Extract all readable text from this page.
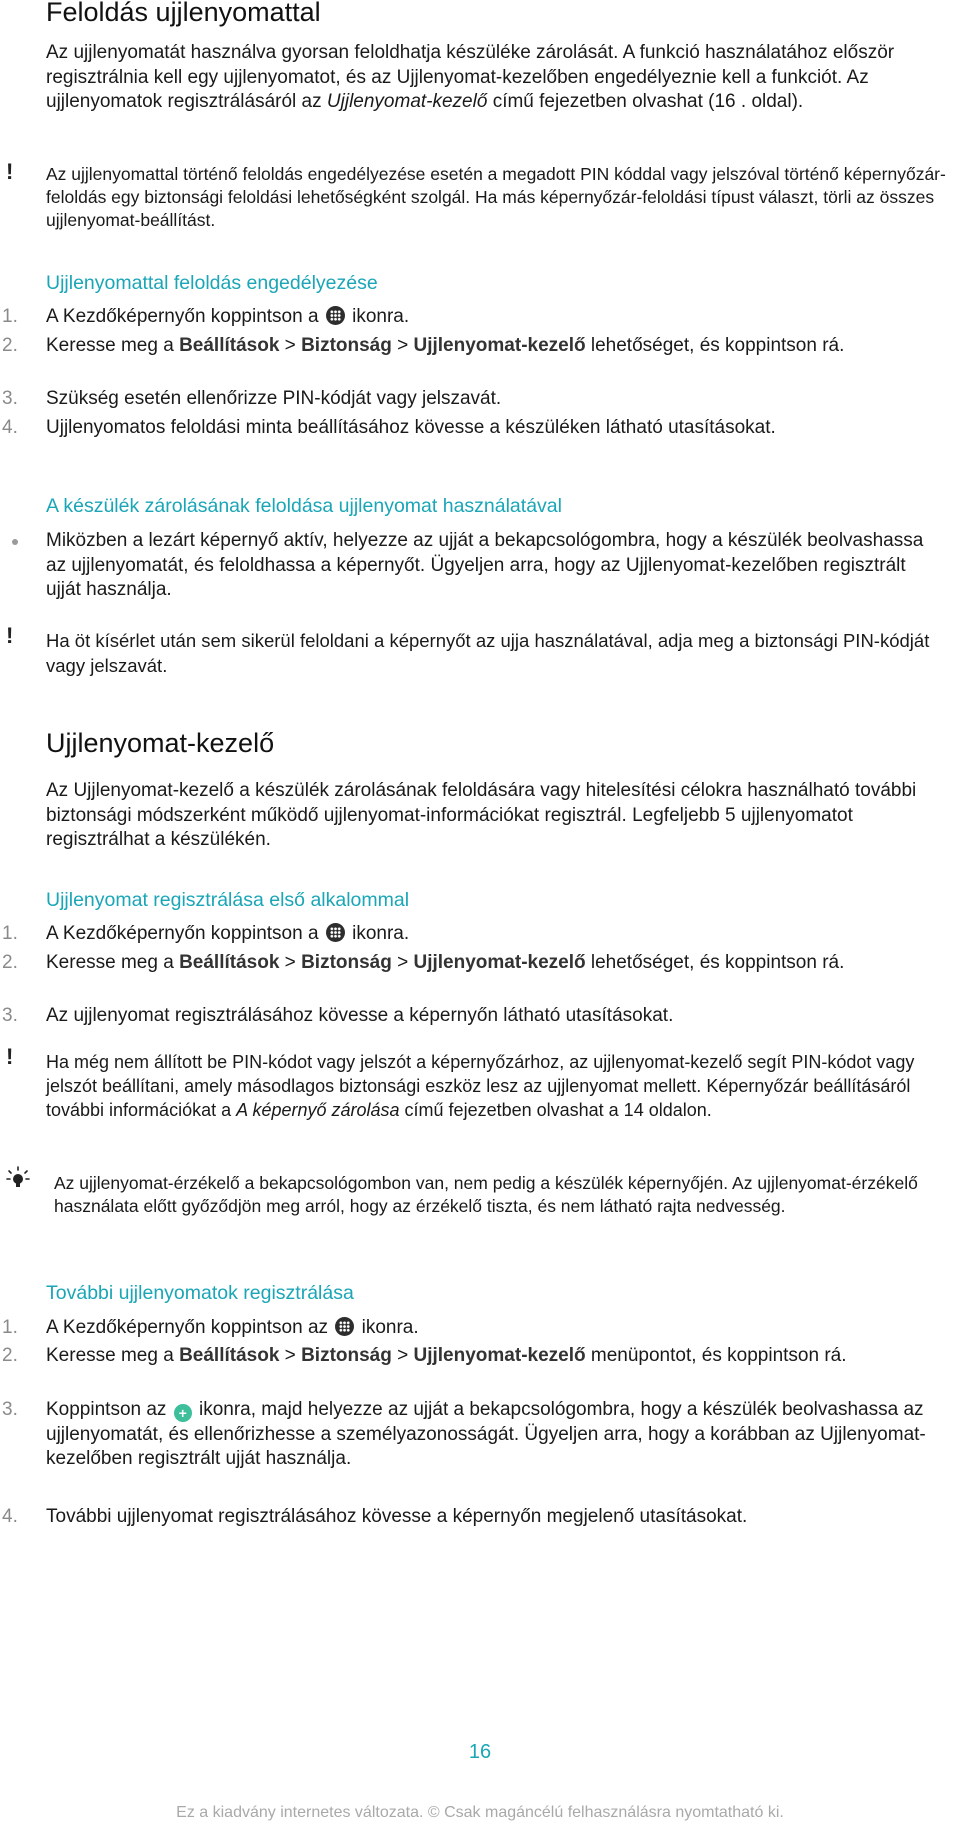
Feloldás ujjlenyomattal

Az ujjlenyomatát használva gyorsan feloldhatja készüléke zárolását. A funkció használatához először regisztrálnia kell egy ujjlenyomatot, és az Ujjlenyomat-kezelőben engedélyeznie kell a funkciót. Az ujjlenyomatok regisztrálásáról az Ujjlenyomat-kezelő című fejezetben olvashat (16 . oldal).

! Az ujjlenyomattal történő feloldás engedélyezése esetén a megadott PIN kóddal vagy jelszóval történő képernyőzár-feloldás egy biztonsági feloldási lehetőségként szolgál. Ha más képernyőzár-feloldási típust választ, törli az összes ujjlenyomat-beállítást.

Ujjlenyomattal feloldás engedélyezése
1. A Kezdőképernyőn koppintson a  ikonra.
2. Keresse meg a Beállítások > Biztonság > Ujjlenyomat-kezelő lehetőséget, és koppintson rá.
3. Szükség esetén ellenőrizze PIN-kódját vagy jelszavát.
4. Ujjlenyomatos feloldási minta beállításához kövesse a készüléken látható utasításokat.
A készülék zárolásának feloldása ujjlenyomat használatával

Miközben a lezárt képernyő aktív, helyezze az ujját a bekapcsológombra, hogy a készülék beolvashassa az ujjlenyomatát, és feloldhassa a képernyőt. Ügyeljen arra, hogy az Ujjlenyomat-kezelőben regisztrált ujját használja.

! Ha öt kísérlet után sem sikerül feloldani a képernyőt az ujja használatával, adja meg a biztonsági PIN-kódját vagy jelszavát.

Ujjlenyomat-kezelő

Az Ujjlenyomat-kezelő a készülék zárolásának feloldására vagy hitelesítési célokra használható további biztonsági módszerként működő ujjlenyomat-információkat regisztrál. Legfeljebb 5 ujjlenyomatot regisztrálhat a készülékén.

Ujjlenyomat regisztrálása első alkalommal
1. A Kezdőképernyőn koppintson a  ikonra.
2. Keresse meg a Beállítások > Biztonság > Ujjlenyomat-kezelő lehetőséget, és koppintson rá.
3. Az ujjlenyomat regisztrálásához kövesse a képernyőn látható utasításokat.
! Ha még nem állított be PIN-kódot vagy jelszót a képernyőzárhoz, az ujjlenyomat-kezelő segít PIN-kódot vagy jelszót beállítani, amely másodlagos biztonsági eszköz lesz az ujjlenyomat mellett. Képernyőzár beállításáról további információkat a A képernyő zárolása című fejezetben olvashat a 14 oldalon.

Az ujjlenyomat-érzékelő a bekapcsológombon van, nem pedig a készülék képernyőjén. Az ujjlenyomat-érzékelő használata előtt győződjön meg arról, hogy az érzékelő tiszta, és nem látható rajta nedvesség.

További ujjlenyomatok regisztrálása
1. A Kezdőképernyőn koppintson az  ikonra.
2. Keresse meg a Beállítások > Biztonság > Ujjlenyomat-kezelő menüpontot, és koppintson rá.
3. Koppintson az + ikonra, majd helyezze az ujját a bekapcsológombra, hogy a készülék beolvashassa az ujjlenyomatát, és ellenőrizhesse a személyazonosságát. Ügyeljen arra, hogy a korábban az Ujjlenyomat-kezelőben regisztrált ujját használja.
4. További ujjlenyomat regisztrálásához kövesse a képernyőn megjelenő utasításokat.
16
Ez a kiadvány internetes változata. © Csak magáncélú felhasználásra nyomtatható ki.
